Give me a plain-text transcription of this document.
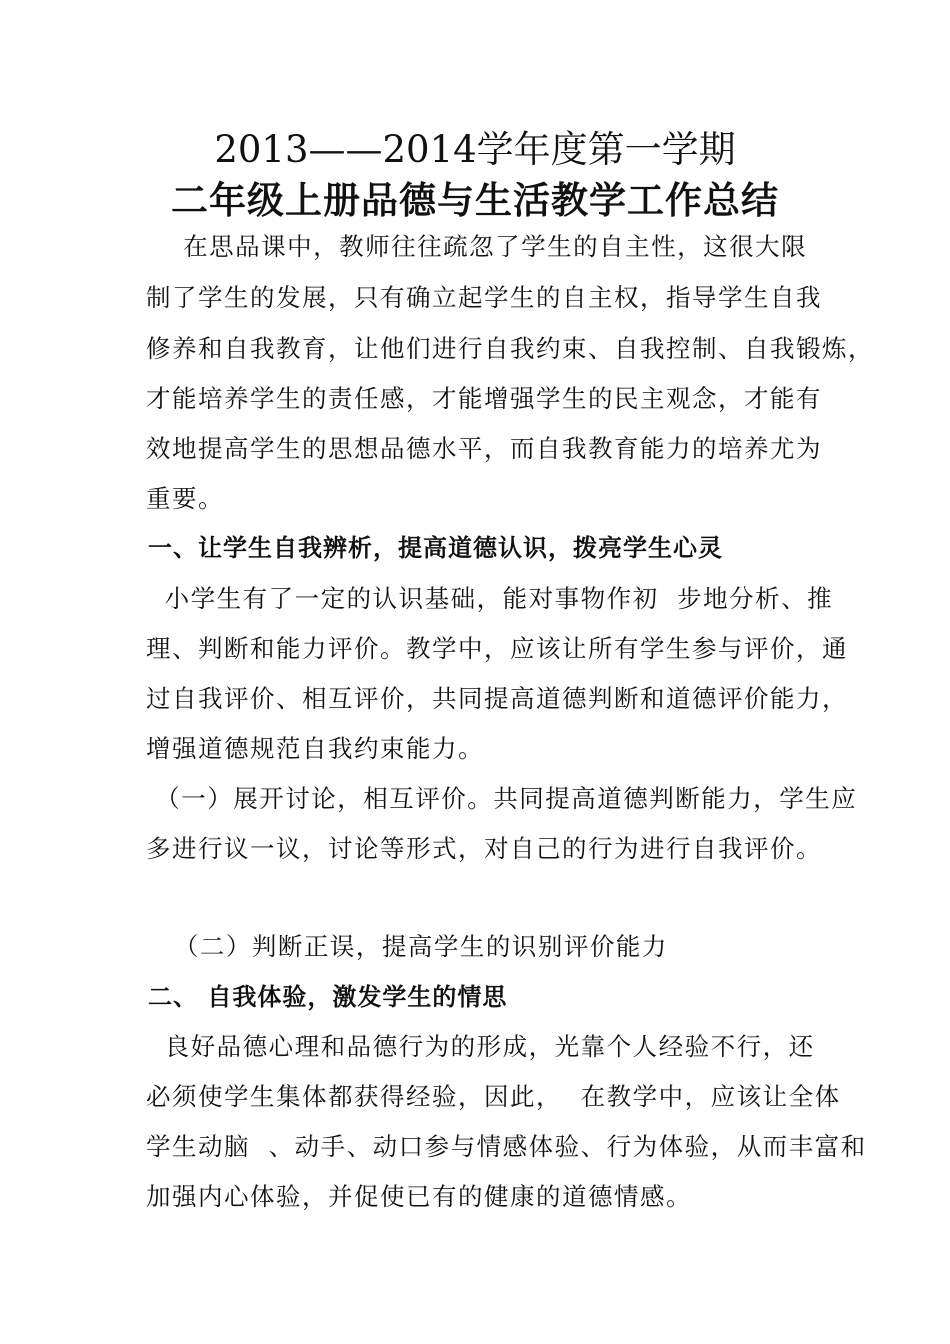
2013——2014学年度第一学期
二年级上册品德与生活教学工作总结
在思品课中，教师往往疏忽了学生的自主性，这很大限
制了学生的发展，只有确立起学生的自主权，指导学生自我
修养和自我教育，让他们进行自我约束、自我控制、自我锻炼，
才能培养学生的责任感，才能增强学生的民主观念，才能有
效地提高学生的思想品德水平，而自我教育能力的培养尤为
重要。
一、让学生自我辨析，提高道德认识，拨亮学生心灵
小学生有了一定的认识基础，能对事物作初  步地分析、推
理、判断和能力评价。教学中，应该让所有学生参与评价，通
过自我评价、相互评价，共同提高道德判断和道德评价能力，
增强道德规范自我约束能力。
（一）展开讨论，相互评价。共同提高道德判断能力，学生应
多进行议一议，讨论等形式，对自己的行为进行自我评价。
（二）判断正误，提高学生的识别评价能力
二、 自我体验，激发学生的情思
良好品德心理和品德行为的形成，光靠个人经验不行，还
必须使学生集体都获得经验，因此，  在教学中，应该让全体
学生动脑  、动手、动口参与情感体验、行为体验，从而丰富和
加强内心体验，并促使已有的健康的道德情感。
